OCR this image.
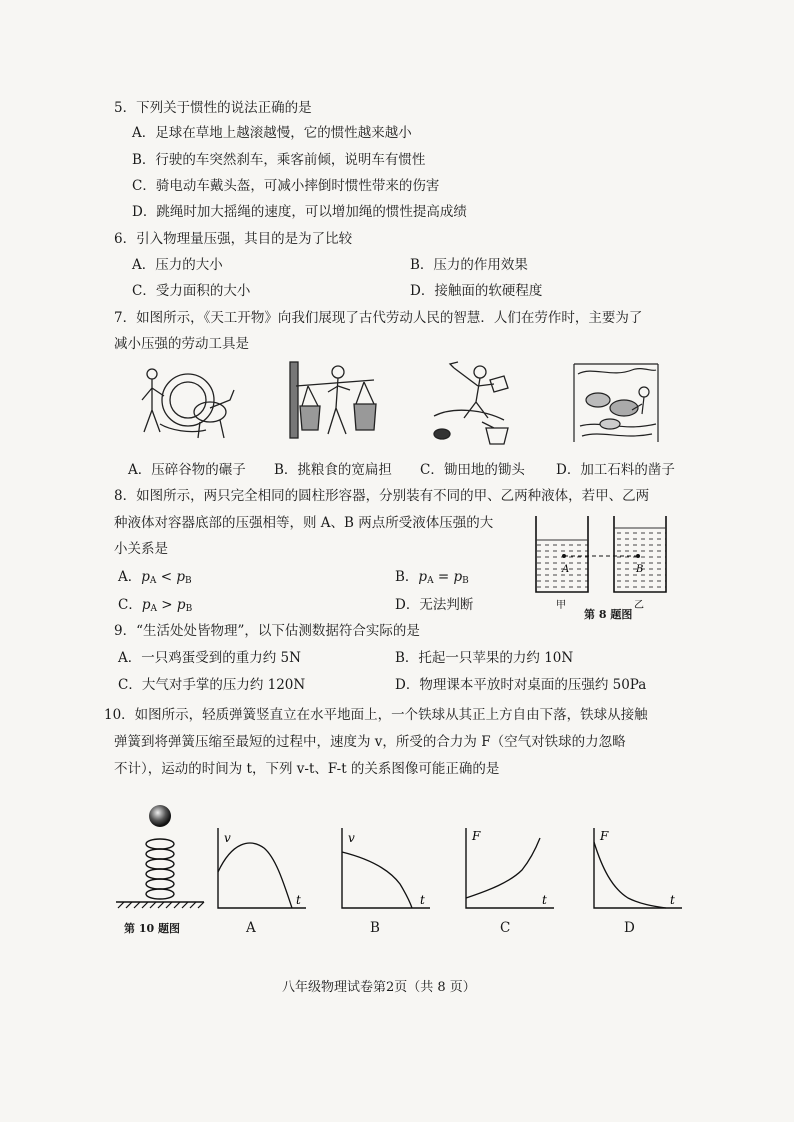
5．下列关于惯性的说法正确的是
A．足球在草地上越滚越慢，它的惯性越来越小
B．行驶的车突然刹车，乘客前倾，说明车有惯性
C．骑电动车戴头盔，可减小摔倒时惯性带来的伤害
D．跳绳时加大摇绳的速度，可以增加绳的惯性提高成绩
6．引入物理量压强，其目的是为了比较
A．压力的大小	B．压力的作用效果
C．受力面积的大小	D．接触面的软硬程度
7．如图所示，《天工开物》向我们展现了古代劳动人民的智慧．人们在劳作时，主要为了
减小压强的劳动工具是
A．压碎谷物的碾子 B．挑粮食的宽扁担 C．锄田地的锄头 D．加工石料的凿子
8．如图所示，两只完全相同的圆柱形容器，分别装有不同的甲、乙两种液体，若甲、乙两
种液体对容器底部的压强相等，则 A、B 两点所受液体压强的大
小关系是
A．$p_A < p_B$	B．$p_A = p_B$
C．$p_A > p_B$	D．无法判断
A	B
甲	乙
第 8 题图
9．“生活处处皆物理”，以下估测数据符合实际的是
A．一只鸡蛋受到的重力约 5N	B．托起一只苹果的力约 10N
C．大气对手掌的压力约 120N	D．物理课本平放时对桌面的压强约 50Pa
10．如图所示，轻质弹簧竖直立在水平地面上，一个铁球从其正上方自由下落，铁球从接触
弹簧到将弹簧压缩至最短的过程中，速度为 v，所受的合力为 F（空气对铁球的力忽略
不计），运动的时间为 t，下列 v-t、F-t 的关系图像可能正确的是
第 10 题图
v
t
A
v
t
B
F
t
C
F
t
D
八年级物理试卷第2页（共 8 页）
